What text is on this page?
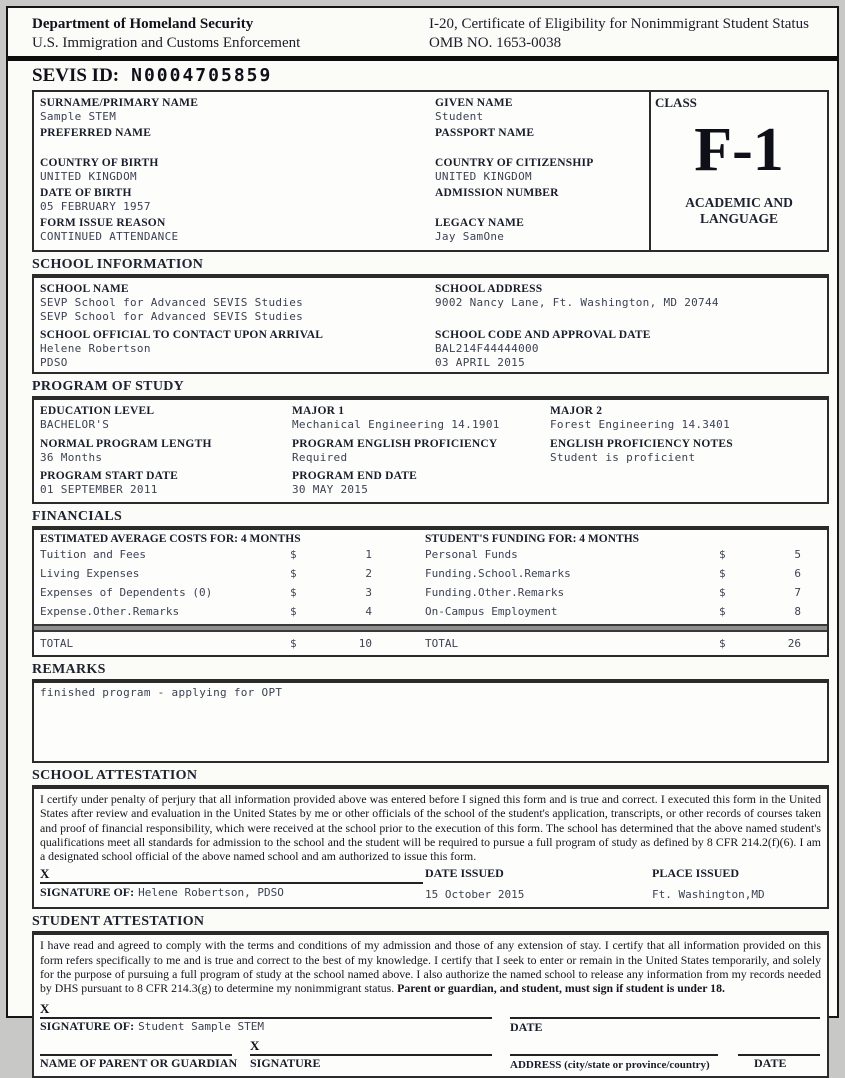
Department of Homeland Security
U.S. Immigration and Customs Enforcement
I-20, Certificate of Eligibility for Nonimmigrant Student Status
OMB NO. 1653-0038
SEVIS ID: N0004705859
SURNAME/PRIMARY NAME
Sample STEM
PREFERRED NAME
COUNTRY OF BIRTH
UNITED KINGDOM
DATE OF BIRTH
05 FEBRUARY 1957
FORM ISSUE REASON
CONTINUED ATTENDANCE
GIVEN NAME
Student
PASSPORT NAME
COUNTRY OF CITIZENSHIP
UNITED KINGDOM
ADMISSION NUMBER
LEGACY NAME
Jay SamOne
CLASS
F-1
ACADEMIC AND LANGUAGE
SCHOOL INFORMATION
SCHOOL NAME
SEVP School for Advanced SEVIS Studies
SEVP School for Advanced SEVIS Studies
SCHOOL OFFICIAL TO CONTACT UPON ARRIVAL
Helene Robertson
PDSO
SCHOOL ADDRESS
9002 Nancy Lane, Ft. Washington, MD 20744
SCHOOL CODE AND APPROVAL DATE
BAL214F44444000
03 APRIL 2015
PROGRAM OF STUDY
EDUCATION LEVEL
BACHELOR'S
MAJOR 1
Mechanical Engineering 14.1901
MAJOR 2
Forest Engineering 14.3401
NORMAL PROGRAM LENGTH
36 Months
PROGRAM ENGLISH PROFICIENCY
Required
ENGLISH PROFICIENCY NOTES
Student is proficient
PROGRAM START DATE
01 SEPTEMBER 2011
PROGRAM END DATE
30 MAY 2015
FINANCIALS
ESTIMATED AVERAGE COSTS FOR: 4 MONTHS	STUDENT'S FUNDING FOR: 4 MONTHS
Tuition and Fees	$	1	Personal Funds	$	5
Living Expenses	$	2	Funding.School.Remarks	$	6
Expenses of Dependents (0)	$	3	Funding.Other.Remarks	$	7
Expense.Other.Remarks	$	4	On-Campus Employment	$	8
TOTAL	$	10	TOTAL	$	26
REMARKS
finished program - applying for OPT
SCHOOL ATTESTATION
I certify under penalty of perjury that all information provided above was entered before I signed this form and is true and correct. I executed this form in the United States after review and evaluation in the United States by me or other officials of the school of the student's application, transcripts, or other records of courses taken and proof of financial responsibility, which were received at the school prior to the execution of this form. The school has determined that the above named student's qualifications meet all standards for admission to the school and the student will be required to pursue a full program of study as defined by 8 CFR 214.2(f)(6). I am a designated school official of the above named school and am authorized to issue this form.
X	DATE ISSUED	PLACE ISSUED
SIGNATURE OF: Helene Robertson, PDSO	15 October 2015	Ft. Washington,MD
STUDENT ATTESTATION
I have read and agreed to comply with the terms and conditions of my admission and those of any extension of stay. I certify that all information provided on this form refers specifically to me and is true and correct to the best of my knowledge. I certify that I seek to enter or remain in the United States temporarily, and solely for the purpose of pursuing a full program of study at the school named above. I also authorize the named school to release any information from my records needed by DHS pursuant to 8 CFR 214.3(g) to determine my nonimmigrant status. Parent or guardian, and student, must sign if student is under 18.
X
SIGNATURE OF: Student Sample STEM	DATE
X
NAME OF PARENT OR GUARDIAN SIGNATURE	ADDRESS (city/state or province/country)	DATE
